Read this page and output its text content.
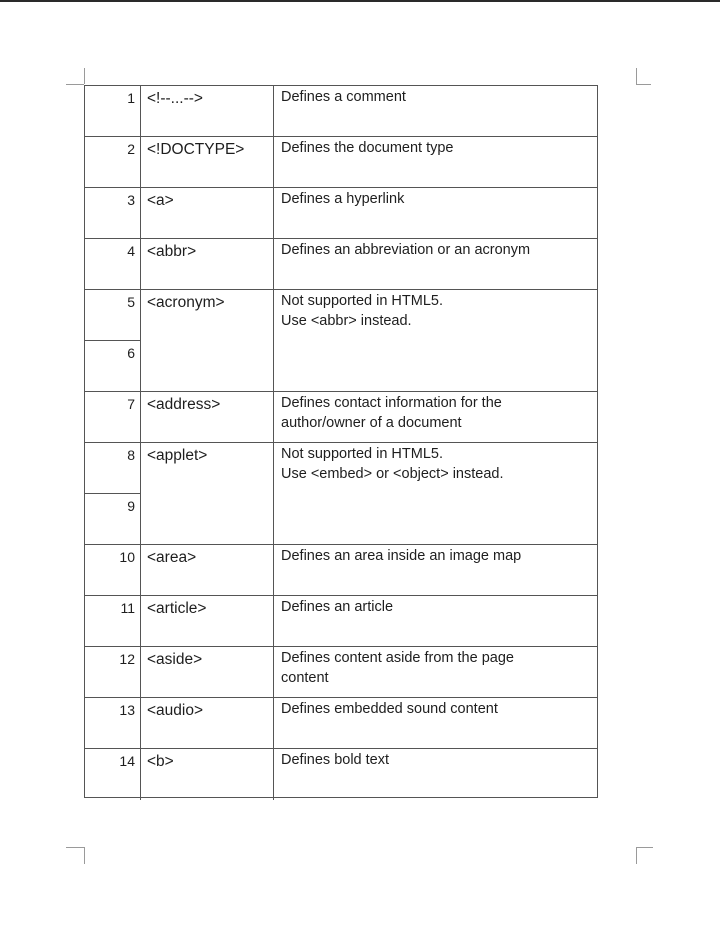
1 <!--...-->	Defines a comment
2 <!DOCTYPE>	Defines the document type
3 <a>	Defines a hyperlink
4 <abbr>	Defines an abbreviation or an acronym
5 <acronym>	Not supported in HTML5.
Use <abbr> instead.
6
7 <address>	Defines contact information for the
author/owner of a document
8 <applet>	Not supported in HTML5.
Use <embed> or <object> instead.
9
10 <area>	Defines an area inside an image map
11 <article>	Defines an article
12 <aside>	Defines content aside from the page
content
13 <audio>	Defines embedded sound content
14 <b>	Defines bold text
